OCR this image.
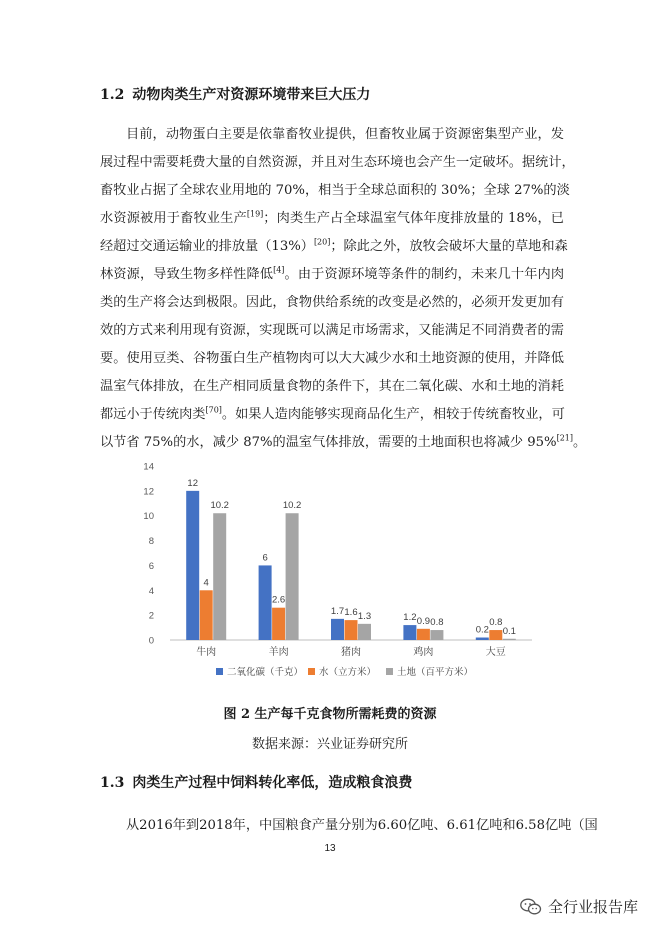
1.2 动物肉类生产对资源环境带来巨大压力
目前，动物蛋白主要是依靠畜牧业提供，但畜牧业属于资源密集型产业，发
展过程中需要耗费大量的自然资源，并且对生态环境也会产生一定破坏。据统计，
畜牧业占据了全球农业用地的 70%，相当于全球总面积的 30%；全球 27%的淡
水资源被用于畜牧业生产[19]；肉类生产占全球温室气体年度排放量的 18%，已
经超过交通运输业的排放量（13%）[20]；除此之外，放牧会破坏大量的草地和森
林资源，导致生物多样性降低[4]。由于资源环境等条件的制约，未来几十年内肉
类的生产将会达到极限。因此，食物供给系统的改变是必然的，必须开发更加有
效的方式来利用现有资源，实现既可以满足市场需求，又能满足不同消费者的需
要。使用豆类、谷物蛋白生产植物肉可以大大减少水和土地资源的使用，并降低
温室气体排放，在生产相同质量食物的条件下，其在二氧化碳、水和土地的消耗
都远小于传统肉类[70]。如果人造肉能够实现商品化生产，相较于传统畜牧业，可
以节省 75%的水，减少 87%的温室气体排放，需要的土地面积也将减少 95%[21]。
0
2
4
6
8
10
12
14
12
4
10.2
牛肉
6
2.6
10.2
羊肉
1.7 1.6 1.3
猪肉
1.2 0.9 0.8
鸡肉
0.2
0.8
0.1
大豆
二氧化碳（千克） 水（立方米） 土地（百平方米）
图 2 生产每千克食物所需耗费的资源
数据来源：兴业证券研究所
1.3 肉类生产过程中饲料转化率低，造成粮食浪费
从2016年到2018年，中国粮食产量分别为6.60亿吨、6.61亿吨和6.58亿吨（国
13
全行业报告库
